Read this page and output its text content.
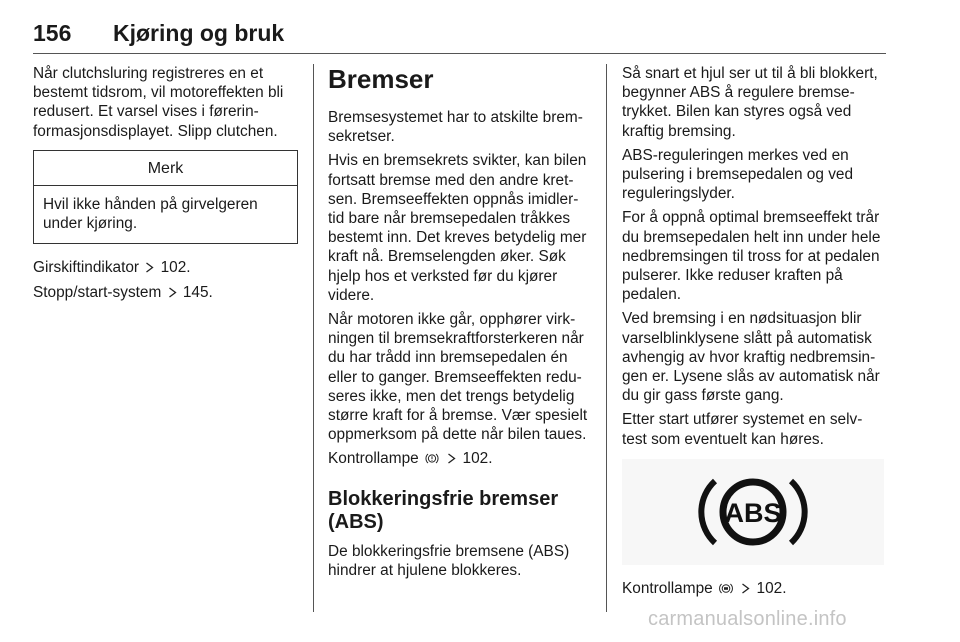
156 Kjøring og bruk

Når clutchsluring registreres en et
bestemt tidsrom, vil motoreffekten bli
redusert. Et varsel vises i førerin-
formasjonsdisplayet. Slipp clutchen.

Merk
Hvil ikke hånden på girvelgeren
under kjøring.

Girskiftindikator 102.

Stopp/start-system 145.

Bremser

Bremsesystemet har to atskilte brem-
sekretser.

Hvis en bremsekrets svikter, kan bilen
fortsatt bremse med den andre kret-
sen. Bremseeffekten oppnås imidler-
tid bare når bremsepedalen tråkkes
bestemt inn. Det kreves betydelig mer
kraft nå. Bremselengden øker. Søk
hjelp hos et verksted før du kjører
videre.

Når motoren ikke går, opphører virk-
ningen til bremsekraftforsterkeren når
du har trådd inn bremsepedalen én
eller to ganger. Bremseeffekten redu-
seres ikke, men det trengs betydelig
større kraft for å bremse. Vær spesielt
oppmerksom på dette når bilen taues.

Kontrollampe	102.

Blokkeringsfrie bremser
(ABS)

De blokkeringsfrie bremsene (ABS)
hindrer at hjulene blokkeres.

Så snart et hjul ser ut til å bli blokkert,
begynner ABS å regulere bremse-
trykket. Bilen kan styres også ved
kraftig bremsing.

ABS-reguleringen merkes ved en
pulsering i bremsepedalen og ved
reguleringslyder.

For å oppnå optimal bremseeffekt trår
du bremsepedalen helt inn under hele
nedbremsingen til tross for at pedalen
pulserer. Ikke reduser kraften på
pedalen.

Ved bremsing i en nødsituasjon blir
varselblinklysene slått på automatisk
avhengig av hvor kraftig nedbremsin-
gen er. Lysene slås av automatisk når
du gir gass første gang.

Etter start utfører systemet en selv-
test som eventuelt kan høres.

ABS

Kontrollampe	102.

carmanualsonline.info
